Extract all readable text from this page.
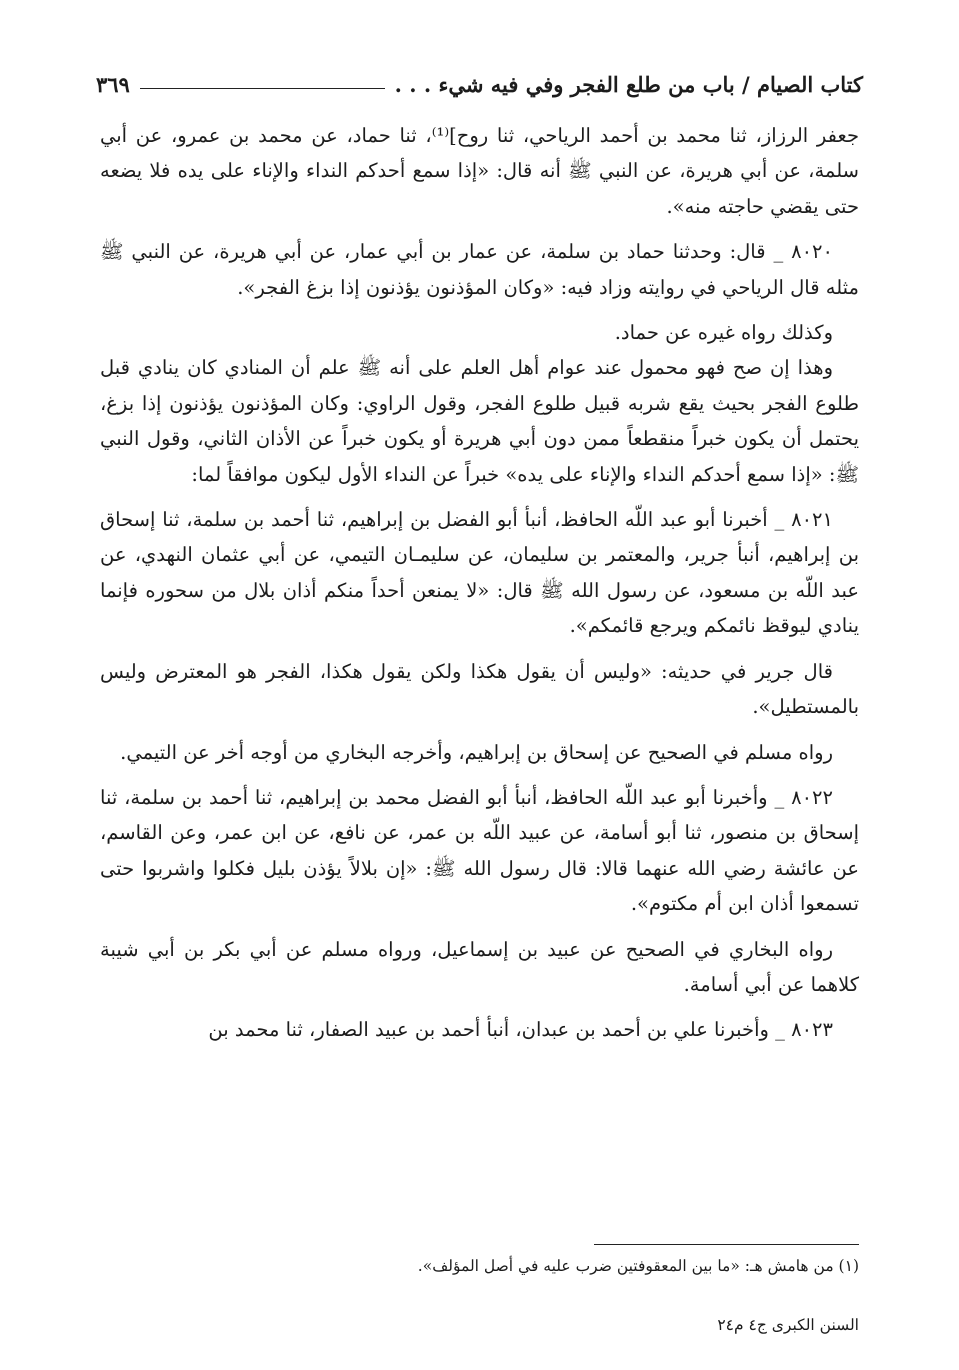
كتاب الصيام / باب من طلع الفجر وفي فيه شيء . . .
٣٦٩

جعفر الرزاز، ثنا محمد بن أحمد الرياحي، ثنا روح]⁽¹⁾، ثنا حماد، عن محمد بن عمرو، عن أبي سلمة، عن أبي هريرة، عن النبي ﷺ أنه قال: «إذا سمع أحدكم النداء والإناء على يده فلا يضعه حتى يقضي حاجته منه».

٨٠٢٠ _ قال: وحدثنا حماد بن سلمة، عن عمار بن أبي عمار، عن أبي هريرة، عن النبي ﷺ مثله قال الرياحي في روايته وزاد فيه: «وكان المؤذنون يؤذنون إذا بزغ الفجر».

وكذلك رواه غيره عن حماد.

وهذا إن صح فهو محمول عند عوام أهل العلم على أنه ﷺ علم أن المنادي كان ينادي قبل طلوع الفجر بحيث يقع شربه قبيل طلوع الفجر، وقول الراوي: وكان المؤذنون يؤذنون إذا بزغ، يحتمل أن يكون خبراً منقطعاً ممن دون أبي هريرة أو يكون خبراً عن الأذان الثاني، وقول النبي ﷺ: «إذا سمع أحدكم النداء والإناء على يده» خبراً عن النداء الأول ليكون موافقاً لما:

٨٠٢١ _ أخبرنا أبو عبد اللّه الحافظ، أنبأ أبو الفضل بن إبراهيم، ثنا أحمد بن سلمة، ثنا إسحاق بن إبراهيم، أنبأ جرير، والمعتمر بن سليمان، عن سليمـان التيمي، عن أبي عثمان النهدي، عن عبد اللّه بن مسعود، عن رسول الله ﷺ قال: «لا يمنعن أحداً منكم أذان بلال من سحوره فإنما ينادي ليوقظ نائمكم ويرجع قائمكم».

قال جرير في حديثه: «وليس أن يقول هكذا ولكن يقول هكذا، الفجر هو المعترض وليس بالمستطيل».

رواه مسلم في الصحيح عن إسحاق بن إبراهيم، وأخرجه البخاري من أوجه أخر عن التيمي.

٨٠٢٢ _ وأخبرنا أبو عبد اللّه الحافظ، أنبأ أبو الفضل محمد بن إبراهيم، ثنا أحمد بن سلمة، ثنا إسحاق بن منصور، ثنا أبو أسامة، عن عبيد اللّه بن عمر، عن نافع، عن ابن عمر، وعن القاسم، عن عائشة رضي الله عنهما قالا: قال رسول الله ﷺ: «إن بلالاً يؤذن بليل فكلوا واشربوا حتى تسمعوا أذان ابن أم مكتوم».

رواه البخاري في الصحيح عن عبيد بن إسماعيل، ورواه مسلم عن أبي بكر بن أبي شيبة كلاهما عن أبي أسامة.

٨٠٢٣ _ وأخبرنا علي بن أحمد بن عبدان، أنبأ أحمد بن عبيد الصفار، ثنا محمد بن

(١) من هامش هـ: «ما بين المعقوفتين ضرب عليه في أصل المؤلف».
السنن الكبرى ج٤ م٢٤
